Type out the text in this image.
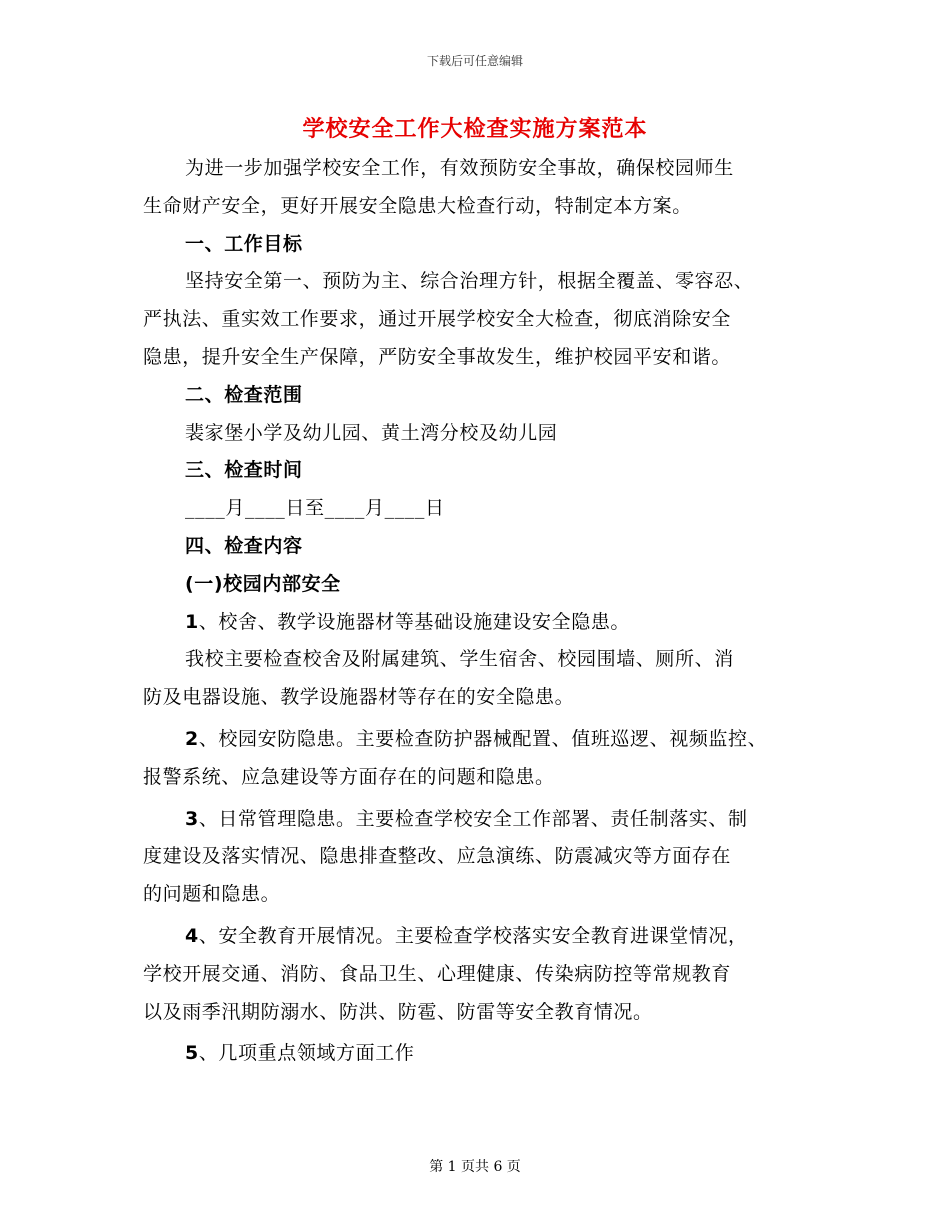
下载后可任意编辑
学校安全工作大检查实施方案范本
为进一步加强学校安全工作，有效预防安全事故，确保校园师生
生命财产安全，更好开展安全隐患大检查行动，特制定本方案。
一、工作目标
坚持安全第一、预防为主、综合治理方针，根据全覆盖、零容忍、
严执法、重实效工作要求，通过开展学校安全大检查，彻底消除安全
隐患，提升安全生产保障，严防安全事故发生，维护校园平安和谐。
二、检查范围
裴家堡小学及幼儿园、黄土湾分校及幼儿园
三、检查时间
____月____日至____月____日
四、检查内容
(一)校园内部安全
1、校舍、教学设施器材等基础设施建设安全隐患。
我校主要检查校舍及附属建筑、学生宿舍、校园围墙、厕所、消
防及电器设施、教学设施器材等存在的安全隐患。
2、校园安防隐患。主要检查防护器械配置、值班巡逻、视频监控、
报警系统、应急建设等方面存在的问题和隐患。
3、日常管理隐患。主要检查学校安全工作部署、责任制落实、制
度建设及落实情况、隐患排查整改、应急演练、防震减灾等方面存在
的问题和隐患。
4、安全教育开展情况。主要检查学校落实安全教育进课堂情况，
学校开展交通、消防、食品卫生、心理健康、传染病防控等常规教育
以及雨季汛期防溺水、防洪、防雹、防雷等安全教育情况。
5、几项重点领域方面工作
第 1 页共 6 页
